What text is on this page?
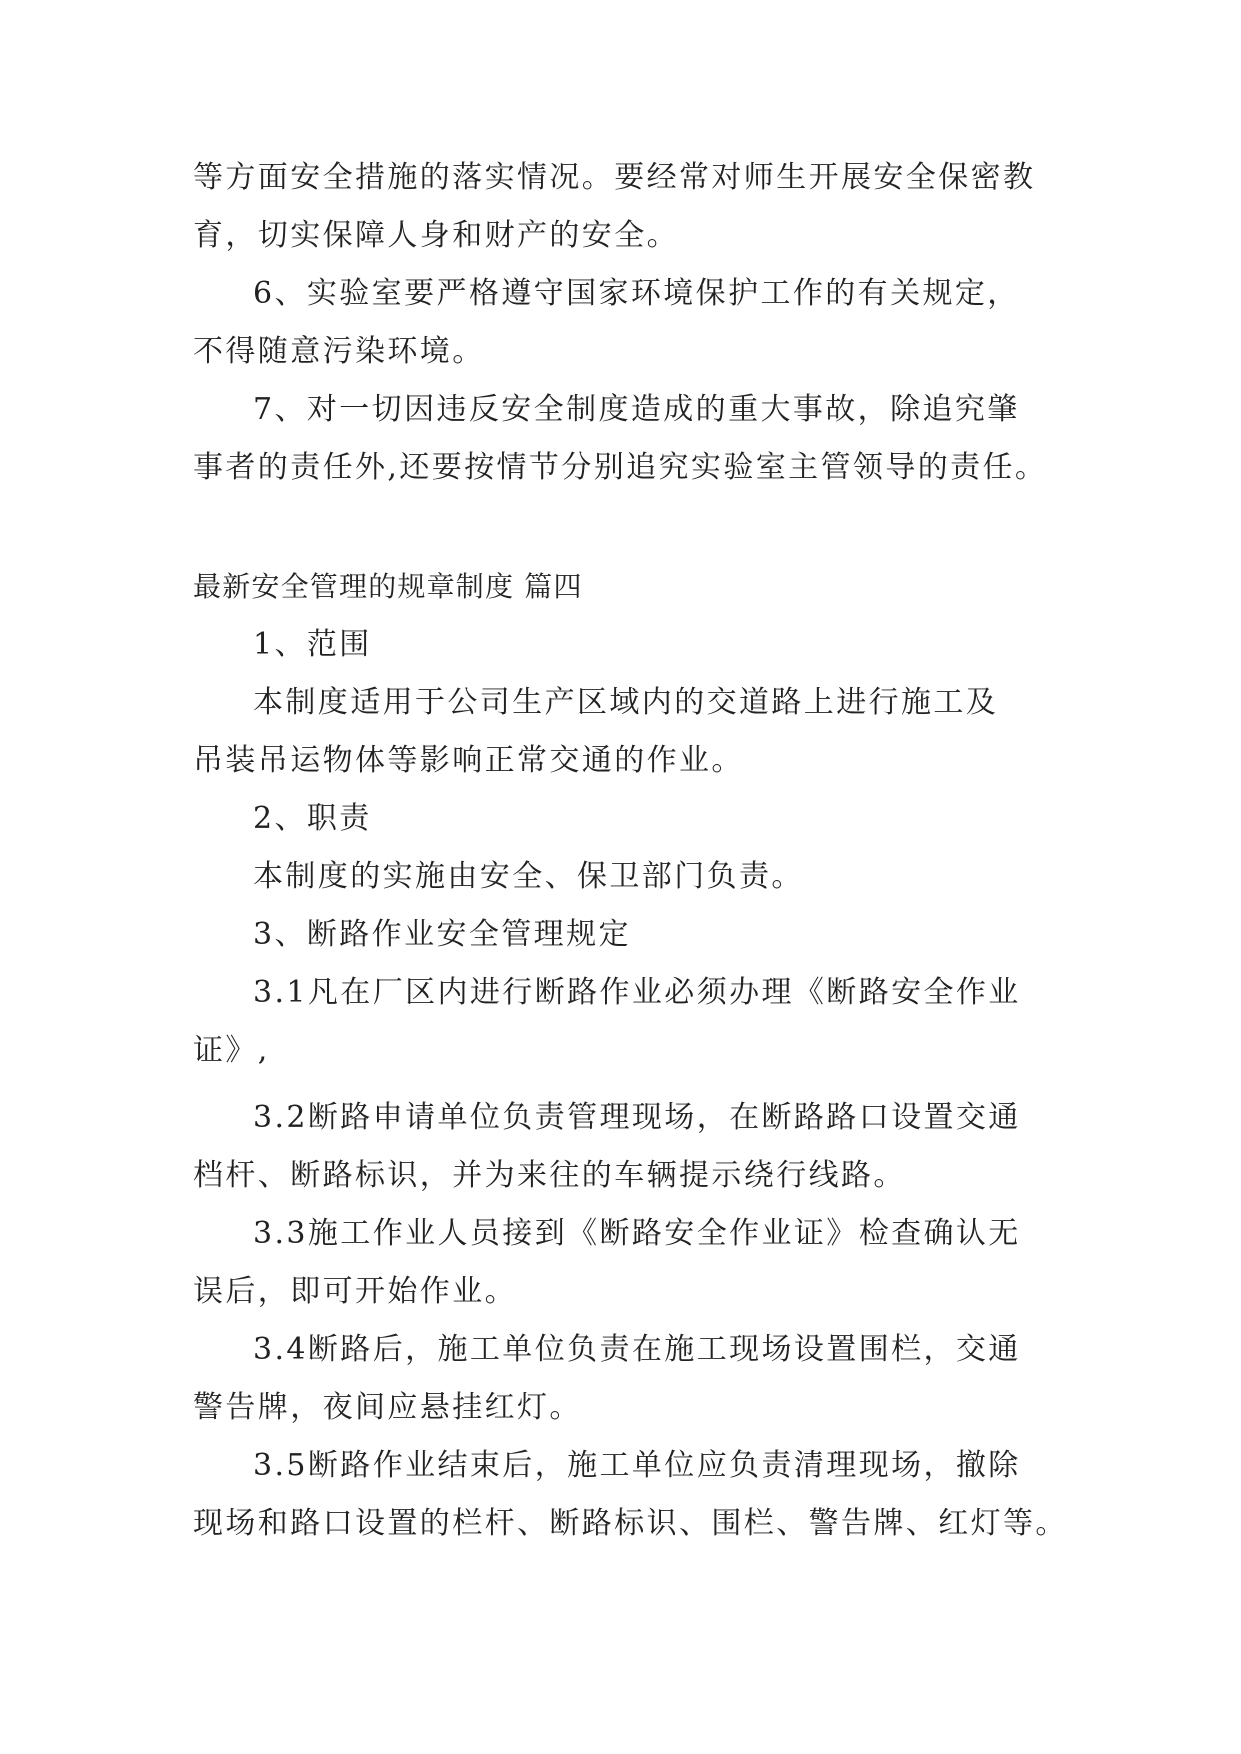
等方面安全措施的落实情况。要经常对师生开展安全保密教
育，切实保障人身和财产的安全。
6、实验室要严格遵守国家环境保护工作的有关规定，
不得随意污染环境。
7、对一切因违反安全制度造成的重大事故，除追究肇
事者的责任外,还要按情节分别追究实验室主管领导的责任。
最新安全管理的规章制度 篇四
1、范围
本制度适用于公司生产区域内的交道路上进行施工及
吊装吊运物体等影响正常交通的作业。
2、职责
本制度的实施由安全、保卫部门负责。
3、断路作业安全管理规定
3.1凡在厂区内进行断路作业必须办理《断路安全作业
证》,
3.2断路申请单位负责管理现场，在断路路口设置交通
档杆、断路标识，并为来往的车辆提示绕行线路。
3.3施工作业人员接到《断路安全作业证》检查确认无
误后，即可开始作业。
3.4断路后，施工单位负责在施工现场设置围栏，交通
警告牌，夜间应悬挂红灯。
3.5断路作业结束后，施工单位应负责清理现场，撤除
现场和路口设置的栏杆、断路标识、围栏、警告牌、红灯等。
